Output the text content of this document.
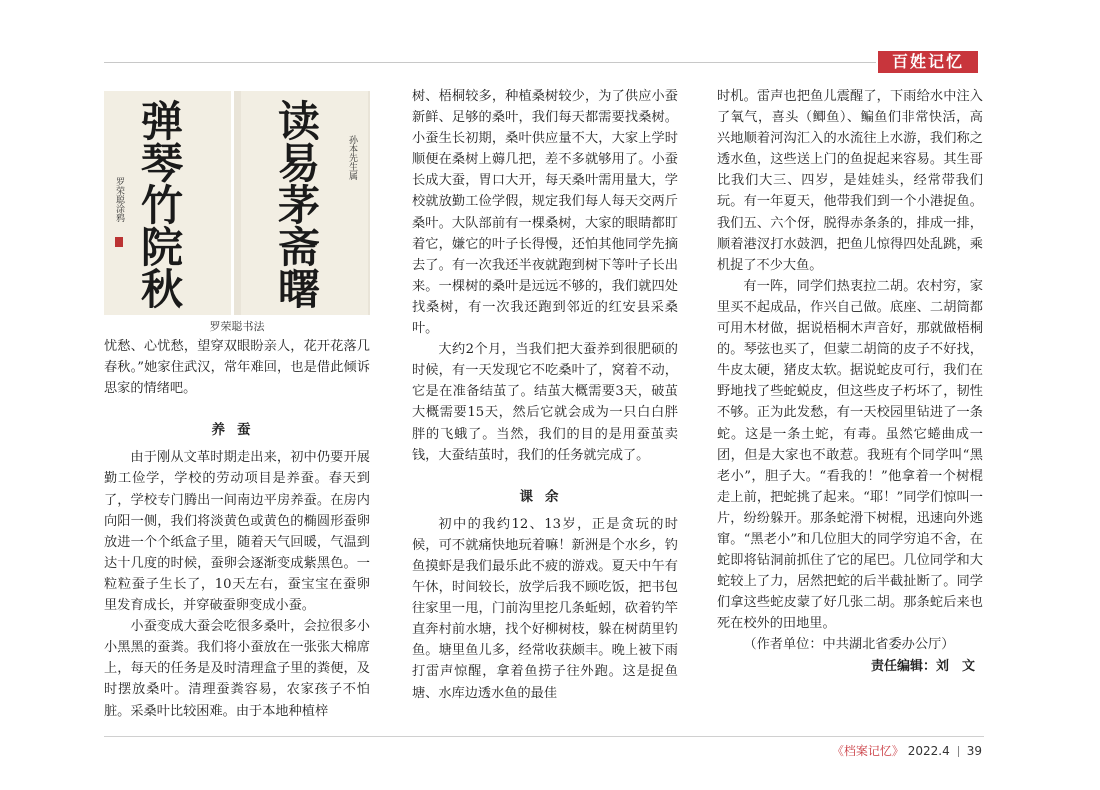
百姓记忆
弹琴竹院秋
罗荣聪涂鸦	读易茅斋曙	孙本先生属
罗荣聪书法

忧愁、心忧愁，望穿双眼盼亲人，花开花落几春秋。”她家住武汉，常年难回，也是借此倾诉思家的情绪吧。

养蚕

由于刚从文革时期走出来，初中仍要开展勤工俭学，学校的劳动项目是养蚕。春天到了，学校专门腾出一间南边平房养蚕。在房内向阳一侧，我们将淡黄色或黄色的椭圆形蚕卵放进一个个纸盒子里，随着天气回暖，气温到达十几度的时候，蚕卵会逐渐变成紫黑色。一粒粒蚕子生长了，10天左右，蚕宝宝在蚕卵里发育成长，并穿破蚕卵变成小蚕。

小蚕变成大蚕会吃很多桑叶，会拉很多小小黑黑的蚕粪。我们将小蚕放在一张张大棉席上，每天的任务是及时清理盒子里的粪便，及时摆放桑叶。清理蚕粪容易，农家孩子不怕脏。采桑叶比较困难。由于本地种植梓

树、梧桐较多，种植桑树较少，为了供应小蚕新鲜、足够的桑叶，我们每天都需要找桑树。小蚕生长初期，桑叶供应量不大，大家上学时顺便在桑树上薅几把，差不多就够用了。小蚕长成大蚕，胃口大开，每天桑叶需用量大，学校就放勤工俭学假，规定我们每人每天交两斤桑叶。大队部前有一棵桑树，大家的眼睛都盯着它，嫌它的叶子长得慢，还怕其他同学先摘去了。有一次我还半夜就跑到树下等叶子长出来。一棵树的桑叶是远远不够的，我们就四处找桑树，有一次我还跑到邻近的红安县采桑叶。

大约2个月，当我们把大蚕养到很肥硕的时候，有一天发现它不吃桑叶了，窝着不动，它是在准备结茧了。结茧大概需要3天，破茧大概需要15天，然后它就会成为一只白白胖胖的飞蛾了。当然，我们的目的是用蚕茧卖钱，大蚕结茧时，我们的任务就完成了。

课余

初中的我约12、13岁，正是贪玩的时候，可不就痛快地玩着嘛！新洲是个水乡，钓鱼摸虾是我们最乐此不疲的游戏。夏天中午有午休，时间较长，放学后我不顾吃饭，把书包往家里一甩，门前沟里挖几条蚯蚓，砍着钓竿直奔村前水塘，找个好柳树枝，躲在树荫里钓鱼。塘里鱼儿多，经常收获颇丰。晚上被下雨打雷声惊醒，拿着鱼捞子往外跑。这是捉鱼塘、水库边透水鱼的最佳

时机。雷声也把鱼儿震醒了，下雨给水中注入了氧气，喜头（鲫鱼）、鳊鱼们非常快活，高兴地顺着河沟汇入的水流往上水游，我们称之透水鱼，这些送上门的鱼捉起来容易。其生哥比我们大三、四岁，是娃娃头，经常带我们玩。有一年夏天，他带我们到一个小港捉鱼。我们五、六个伢，脱得赤条条的，排成一排，顺着港汊打水鼓泗，把鱼儿惊得四处乱跳，乘机捉了不少大鱼。

有一阵，同学们热衷拉二胡。农村穷，家里买不起成品，作兴自己做。底座、二胡筒都可用木材做，据说梧桐木声音好，那就做梧桐的。琴弦也买了，但蒙二胡筒的皮子不好找，牛皮太硬，猪皮太软。据说蛇皮可行，我们在野地找了些蛇蜕皮，但这些皮子朽坏了，韧性不够。正为此发愁，有一天校园里钻进了一条蛇。这是一条土蛇，有毒。虽然它蜷曲成一团，但是大家也不敢惹。我班有个同学叫“黑老小”，胆子大。“看我的！”他拿着一个树棍走上前，把蛇挑了起来。“耶！”同学们惊叫一片，纷纷躲开。那条蛇滑下树棍，迅速向外逃窜。“黑老小”和几位胆大的同学穷追不舍，在蛇即将钻洞前抓住了它的尾巴。几位同学和大蛇较上了力，居然把蛇的后半截扯断了。同学们拿这些蛇皮蒙了好几张二胡。那条蛇后来也死在校外的田地里。

（作者单位：中共湖北省委办公厅）

责任编辑：刘　文
《档案记忆》 2022.4 39
